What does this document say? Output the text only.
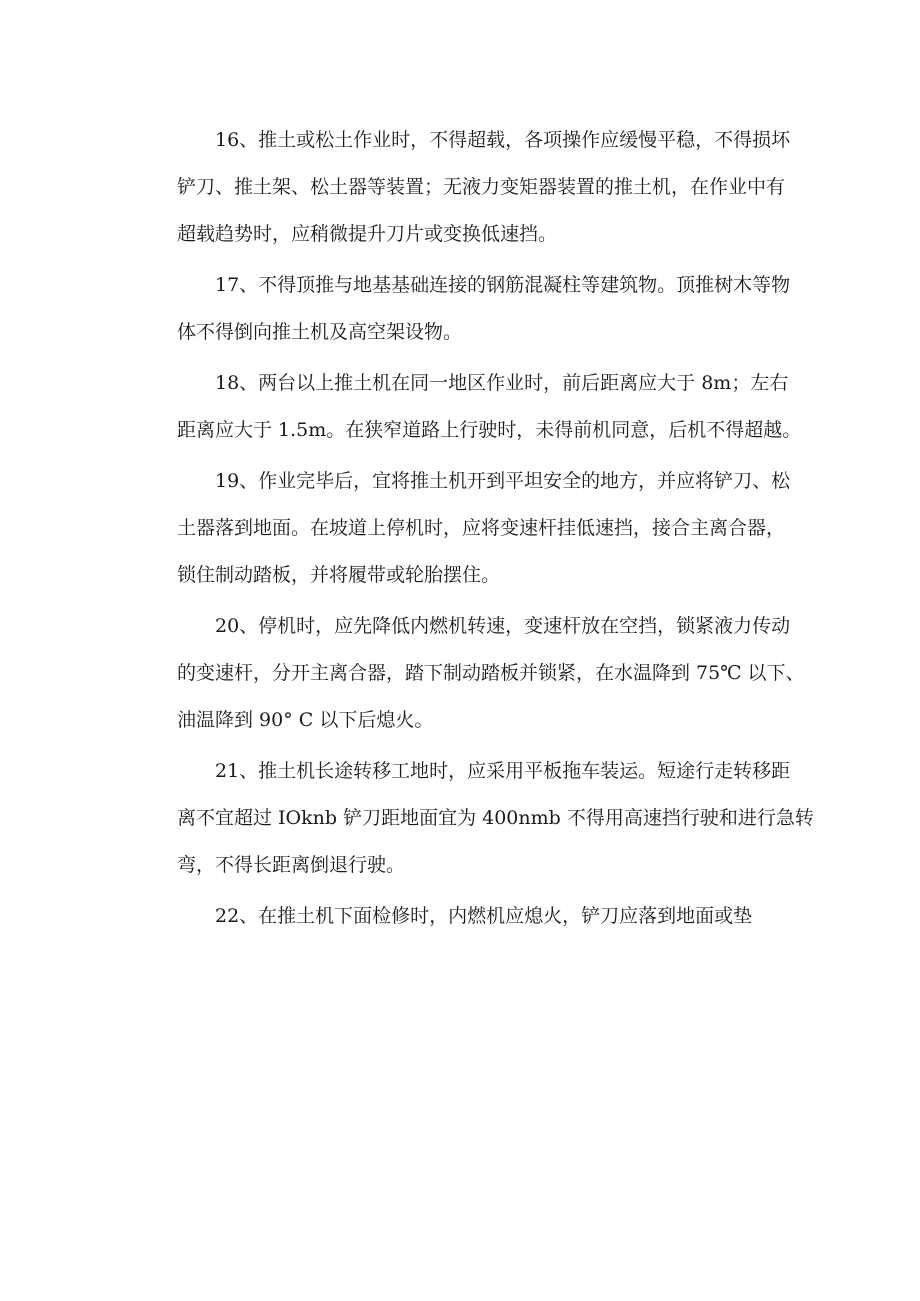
16、推土或松土作业时，不得超载，各项操作应缓慢平稳，不得损坏
铲刀、推土架、松土器等装置；无液力变矩器装置的推土机，在作业中有
超载趋势时，应稍微提升刀片或变换低速挡。
17、不得顶推与地基基础连接的钢筋混凝柱等建筑物。顶推树木等物
体不得倒向推土机及高空架设物。
18、两台以上推土机在同一地区作业时，前后距离应大于 8m；左右
距离应大于 1.5m。在狭窄道路上行驶时，未得前机同意，后机不得超越。
19、作业完毕后，宜将推土机开到平坦安全的地方，并应将铲刀、松
土器落到地面。在坡道上停机时，应将变速杆挂低速挡，接合主离合器，
锁住制动踏板，并将履带或轮胎摆住。
20、停机时，应先降低内燃机转速，变速杆放在空挡，锁紧液力传动
的变速杆，分开主离合器，踏下制动踏板并锁紧，在水温降到 75℃ 以下、
油温降到 90° C 以下后熄火。
21、推土机长途转移工地时，应采用平板拖车装运。短途行走转移距
离不宜超过 IOknb 铲刀距地面宜为 400nmb 不得用高速挡行驶和进行急转
弯，不得长距离倒退行驶。
22、在推土机下面检修时，内燃机应熄火，铲刀应落到地面或垫
